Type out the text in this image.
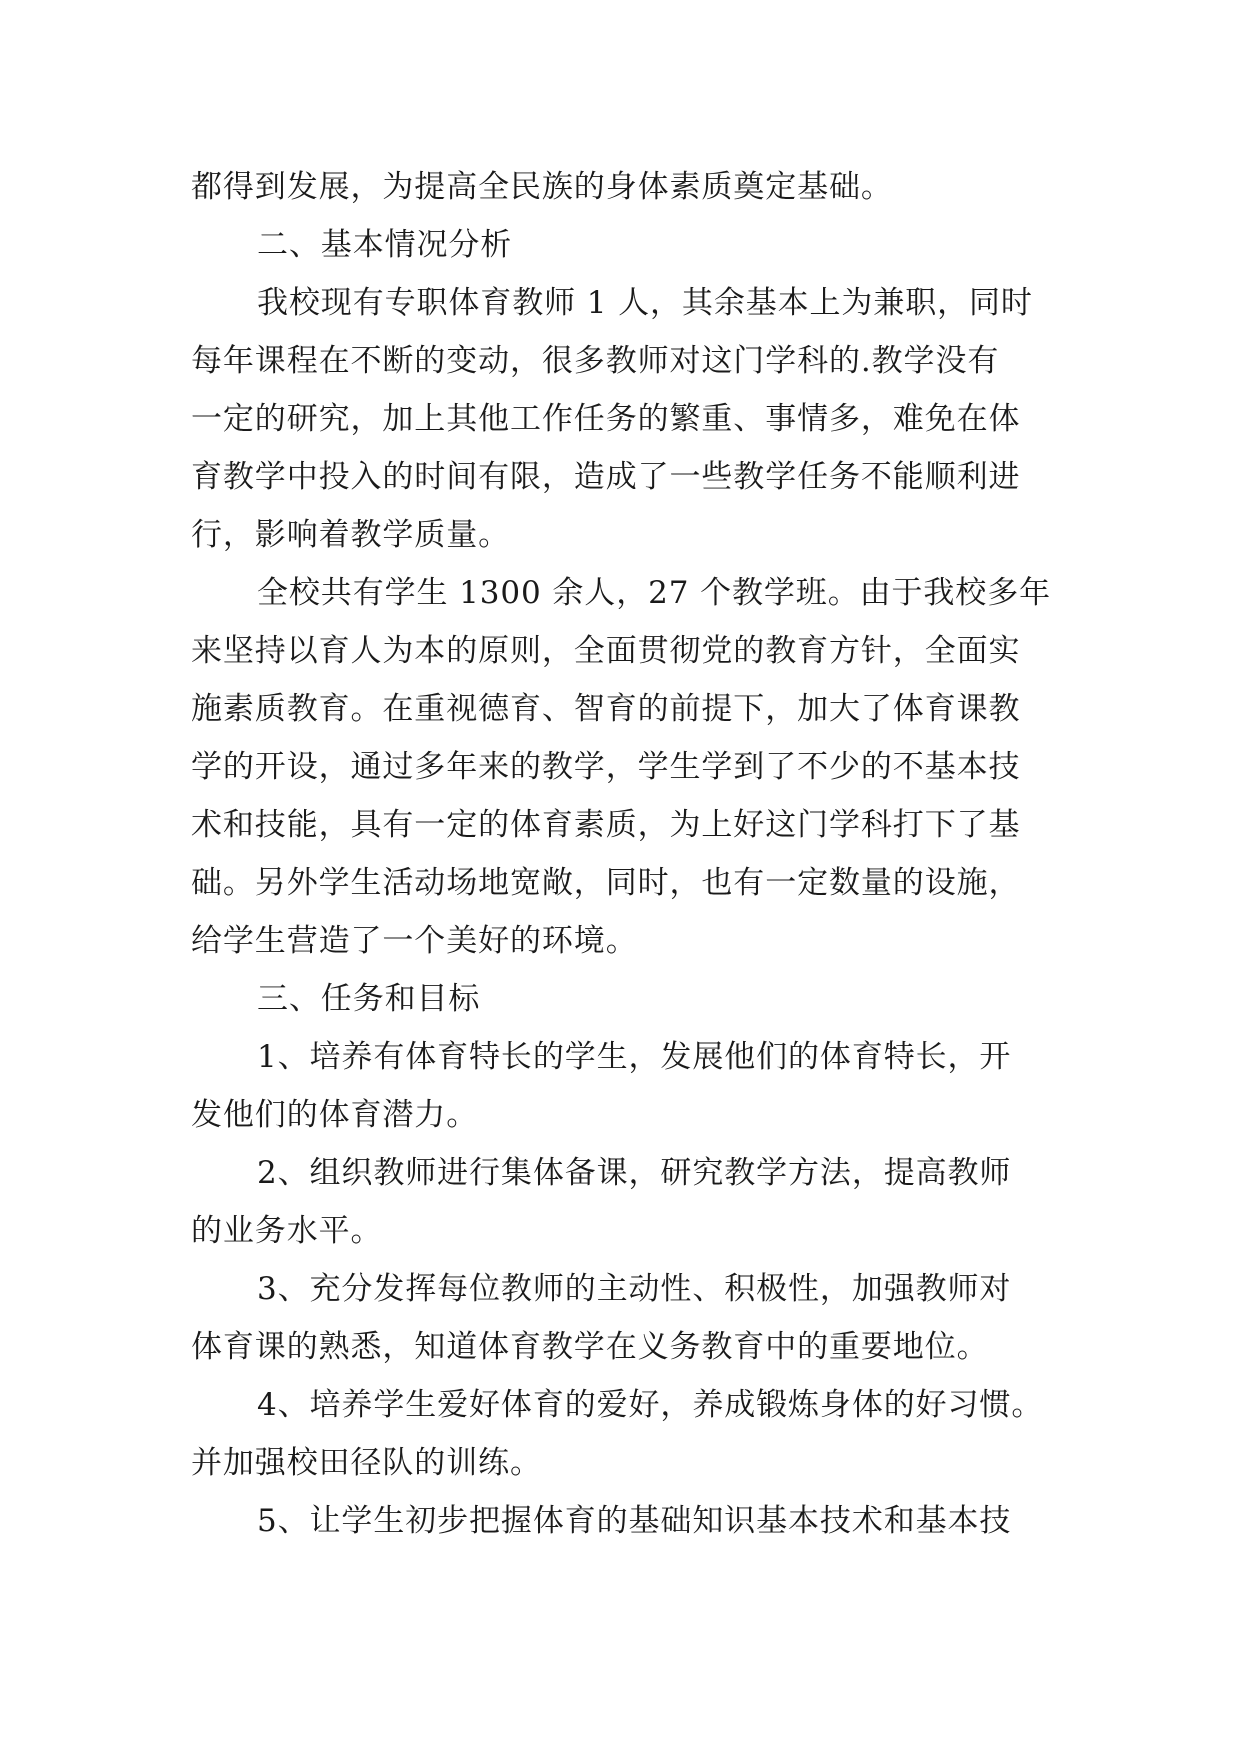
都得到发展，为提高全民族的身体素质奠定基础。
二、基本情况分析
我校现有专职体育教师 1 人，其余基本上为兼职，同时
每年课程在不断的变动，很多教师对这门学科的.教学没有
一定的研究，加上其他工作任务的繁重、事情多，难免在体
育教学中投入的时间有限，造成了一些教学任务不能顺利进
行，影响着教学质量。
全校共有学生 1300 余人，27 个教学班。由于我校多年
来坚持以育人为本的原则，全面贯彻党的教育方针，全面实
施素质教育。在重视德育、智育的前提下，加大了体育课教
学的开设，通过多年来的教学，学生学到了不少的不基本技
术和技能，具有一定的体育素质，为上好这门学科打下了基
础。另外学生活动场地宽敞，同时，也有一定数量的设施，
给学生营造了一个美好的环境。
三、任务和目标
1、培养有体育特长的学生，发展他们的体育特长，开
发他们的体育潜力。
2、组织教师进行集体备课，研究教学方法，提高教师
的业务水平。
3、充分发挥每位教师的主动性、积极性，加强教师对
体育课的熟悉，知道体育教学在义务教育中的重要地位。
4、培养学生爱好体育的爱好，养成锻炼身体的好习惯。
并加强校田径队的训练。
5、让学生初步把握体育的基础知识基本技术和基本技
